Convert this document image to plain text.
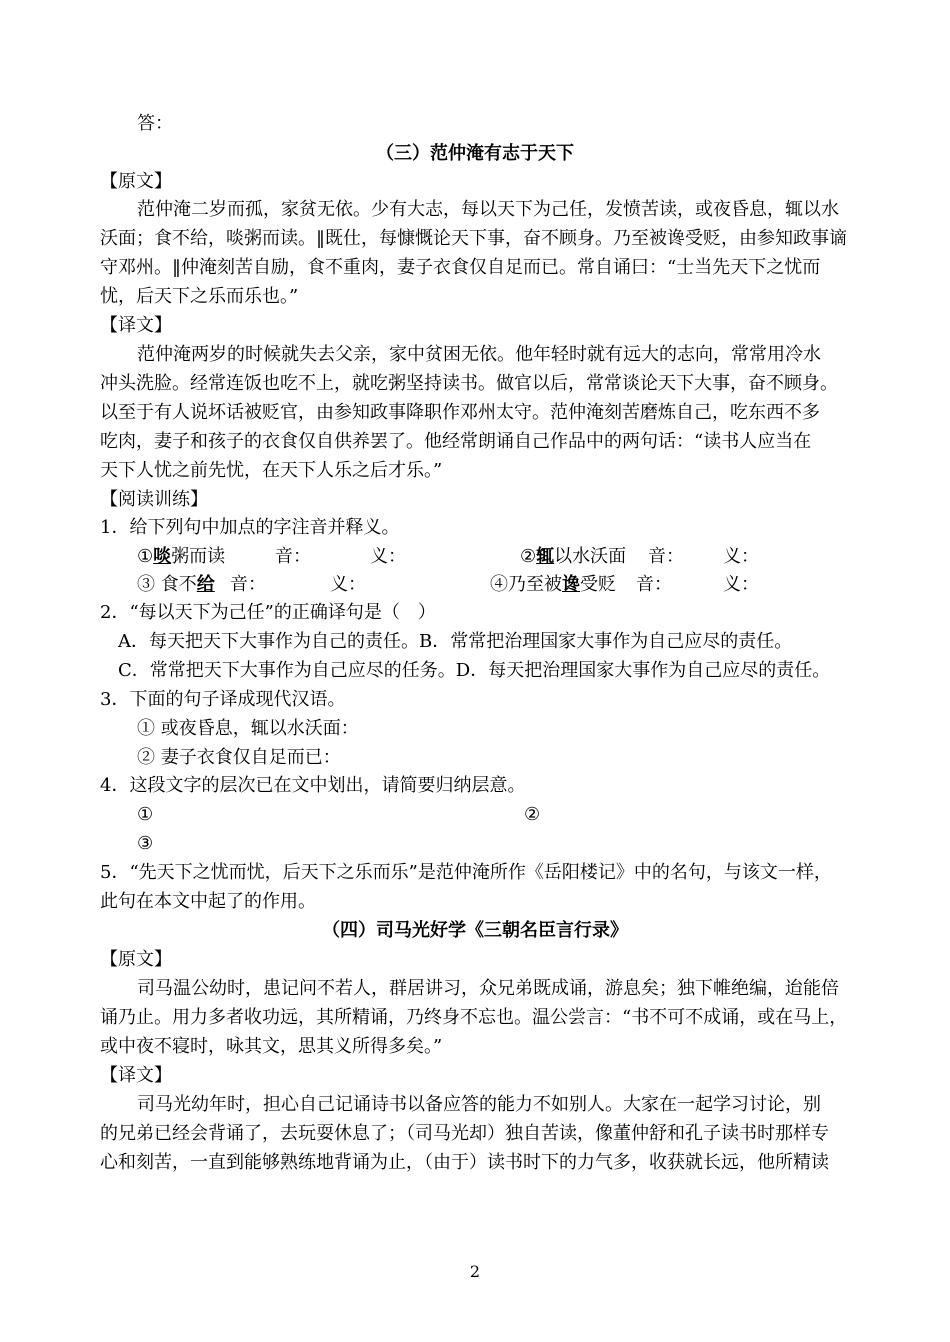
答：
（三）范仲淹有志于天下
【原文】
范仲淹二岁而孤，家贫无依。少有大志，每以天下为己任，发愤苦读，或夜昏息，辄以水
沃面；食不给，啖粥而读。‖既仕，每慷慨论天下事，奋不顾身。乃至被谗受贬，由参知政事谪
守邓州。‖仲淹刻苦自励，食不重肉，妻子衣食仅自足而已。常自诵曰：“士当先天下之忧而
忧，后天下之乐而乐也。”
【译文】
范仲淹两岁的时候就失去父亲，家中贫困无依。他年轻时就有远大的志向，常常用冷水
冲头洗脸。经常连饭也吃不上，就吃粥坚持读书。做官以后，常常谈论天下大事，奋不顾身。
以至于有人说坏话被贬官，由参知政事降职作邓州太守。范仲淹刻苦磨炼自己，吃东西不多
吃肉，妻子和孩子的衣食仅自供养罢了。他经常朗诵自己作品中的两句话：“读书人应当在
天下人忧之前先忧，在天下人乐之后才乐。”
【阅读训练】
1．给下列句中加点的字注音并释义。
①啖粥而读	音：	义：	②辄以水沃面 音： 义：
③ 食不给 音：	义：	④乃至被谗受贬 音：	义：
2．“每以天下为己任”的正确译句是（　）
A．每天把天下大事作为自己的责任。B．常常把治理国家大事作为自己应尽的责任。
C．常常把天下大事作为自己应尽的任务。D．每天把治理国家大事作为自己应尽的责任。
3．下面的句子译成现代汉语。
① 或夜昏息，辄以水沃面：
② 妻子衣食仅自足而已：
4．这段文字的层次已在文中划出，请简要归纳层意。
①	②
③
5．“先天下之忧而忧，后天下之乐而乐”是范仲淹所作《岳阳楼记》中的名句，与该文一样，
此句在本文中起了的作用。
（四）司马光好学《三朝名臣言行录》
【原文】
司马温公幼时，患记问不若人，群居讲习，众兄弟既成诵，游息矣；独下帷绝编，迨能倍
诵乃止。用力多者收功远，其所精诵，乃终身不忘也。温公尝言：“书不可不成诵，或在马上，
或中夜不寝时，咏其文，思其义所得多矣。”
【译文】
司马光幼年时，担心自己记诵诗书以备应答的能力不如别人。大家在一起学习讨论，别
的兄弟已经会背诵了，去玩耍休息了；（司马光却）独自苦读，像董仲舒和孔子读书时那样专
心和刻苦，一直到能够熟练地背诵为止，（由于）读书时下的力气多，收获就长远，他所精读
2
